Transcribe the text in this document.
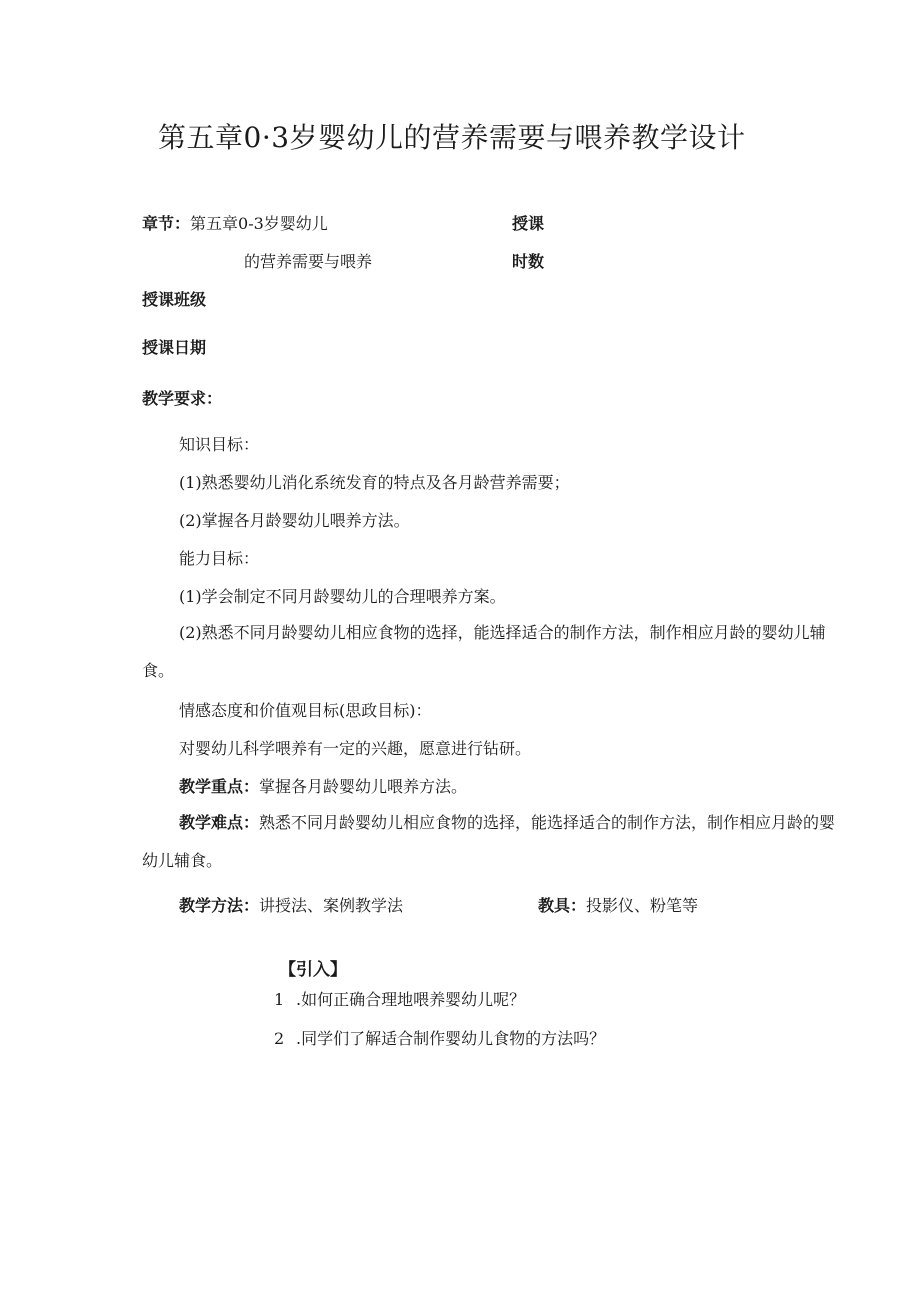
第五章0·3岁婴幼儿的营养需要与喂养教学设计
章节：第五章0-3岁婴幼儿
的营养需要与喂养
授课
时数
授课班级
授课日期
教学要求：
知识目标：
(1)熟悉婴幼儿消化系统发育的特点及各月龄营养需要；
(2)掌握各月龄婴幼儿喂养方法。
能力目标：
(1)学会制定不同月龄婴幼儿的合理喂养方案。
(2)熟悉不同月龄婴幼儿相应食物的选择，能选择适合的制作方法，制作相应月龄的婴幼儿辅食。
情感态度和价值观目标(思政目标)：
对婴幼儿科学喂养有一定的兴趣，愿意进行钻研。
教学重点：掌握各月龄婴幼儿喂养方法。
教学难点：熟悉不同月龄婴幼儿相应食物的选择，能选择适合的制作方法，制作相应月龄的婴幼儿辅食。
教学方法：讲授法、案例教学法	教具：投影仪、粉笔等
【引入】
1 .如何正确合理地喂养婴幼儿呢？
2 .同学们了解适合制作婴幼儿食物的方法吗？
